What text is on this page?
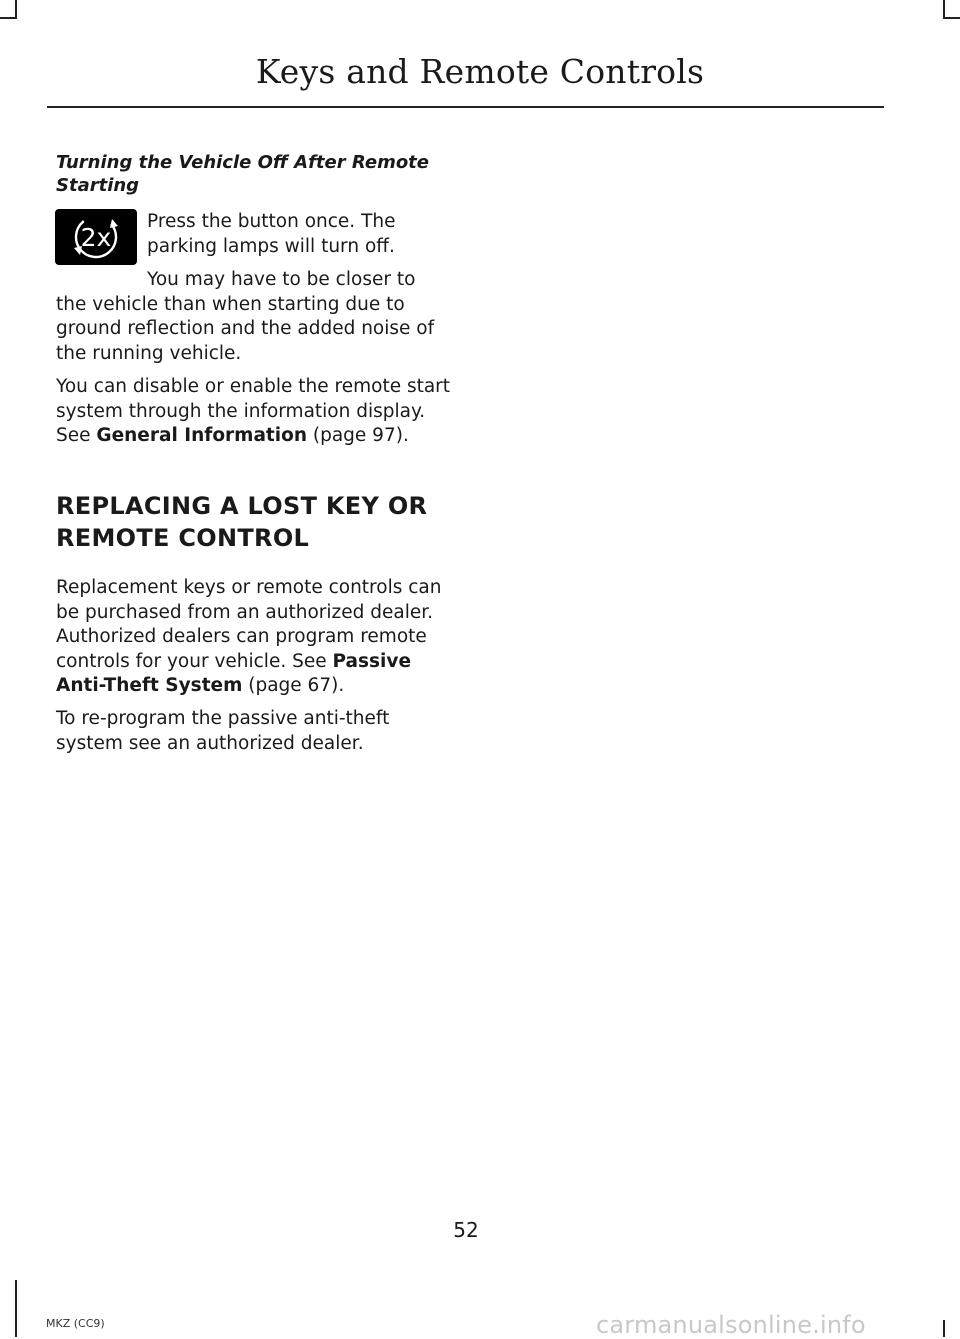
Keys and Remote Controls
Turning the Vehicle Off After Remote Starting
2x
Press the button once. The parking lamps will turn off.
You may have to be closer to the vehicle than when starting due to ground reflection and the added noise of the running vehicle.
You can disable or enable the remote start system through the information display. See General Information (page 97).
REPLACING A LOST KEY OR
REMOTE CONTROL
Replacement keys or remote controls can be purchased from an authorized dealer. Authorized dealers can program remote controls for your vehicle. See Passive Anti-Theft System (page 67).
To re-program the passive anti-theft system see an authorized dealer.
52
MKZ (CC9)	carmanualsonline.info
